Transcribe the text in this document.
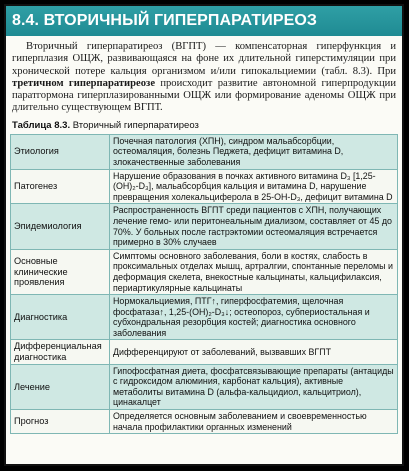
8.4. ВТОРИЧНЫЙ ГИПЕРПАРАТИРЕОЗ

Вторичный гиперпаратиреоз (ВГПТ) — компенсаторная гиперфункция и гиперплазия ОЩЖ, развивающаяся на фоне их длительной гиперстимуляции при хронической потере кальция организмом и/или гипокальциемии (табл. 8.3). При третичном гиперпаратиреозе происходит развитие автономной гиперпродукции паратгормона гиперплазированными ОЩЖ или формирование аденомы ОЩЖ при длительно существующем ВГПТ.

Таблица 8.3. Вторичный гиперпаратиреоз
Этиология	Почечная патология (ХПН), синдром мальабсорбции, остеомаляция, болезнь Педжета, дефицит витамина D, злокачественные заболевания
Патогенез	Нарушение образования в почках активного витамина D₃ [1,25-(OH)₂-D₃], мальабсорбция кальция и витамина D, нарушение превращения холекальциферола в 25-OH-D₃, дефицит витамина D
Эпидемиология	Распространенность ВГПТ среди пациентов с ХПН, получающих лечение гемо- или перитонеальным диализом, составляет от 45 до 70%. У больных после гастрэктомии остеомаляция встречается примерно в 30% случаев
Основные клинические проявления	Симптомы основного заболевания, боли в костях, слабость в проксимальных отделах мышц, артралгии, спонтанные переломы и деформация скелета, внекостные кальцинаты, кальцифилаксия, периартикулярные кальцинаты
Диагностика	Нормокальциемия, ПТГ↑, гиперфосфатемия, щелочная фосфатаза↑, 1,25-(OH)₂-D₃↓; остеопороз, субпериостальная и субхондральная резорбция костей; диагностика основного заболевания
Дифференциальная диагностика	Дифференцируют от заболеваний, вызвавших ВГПТ
Лечение	Гипофосфатная диета, фосфатсвязывающие препараты (антациды с гидроксидом алюминия, карбонат кальция), активные метаболиты витамина D (альфа-кальцидиол, кальцитриол), цинакалцет
Прогноз	Определяется основным заболеванием и своевременностью начала профилактики органных изменений
